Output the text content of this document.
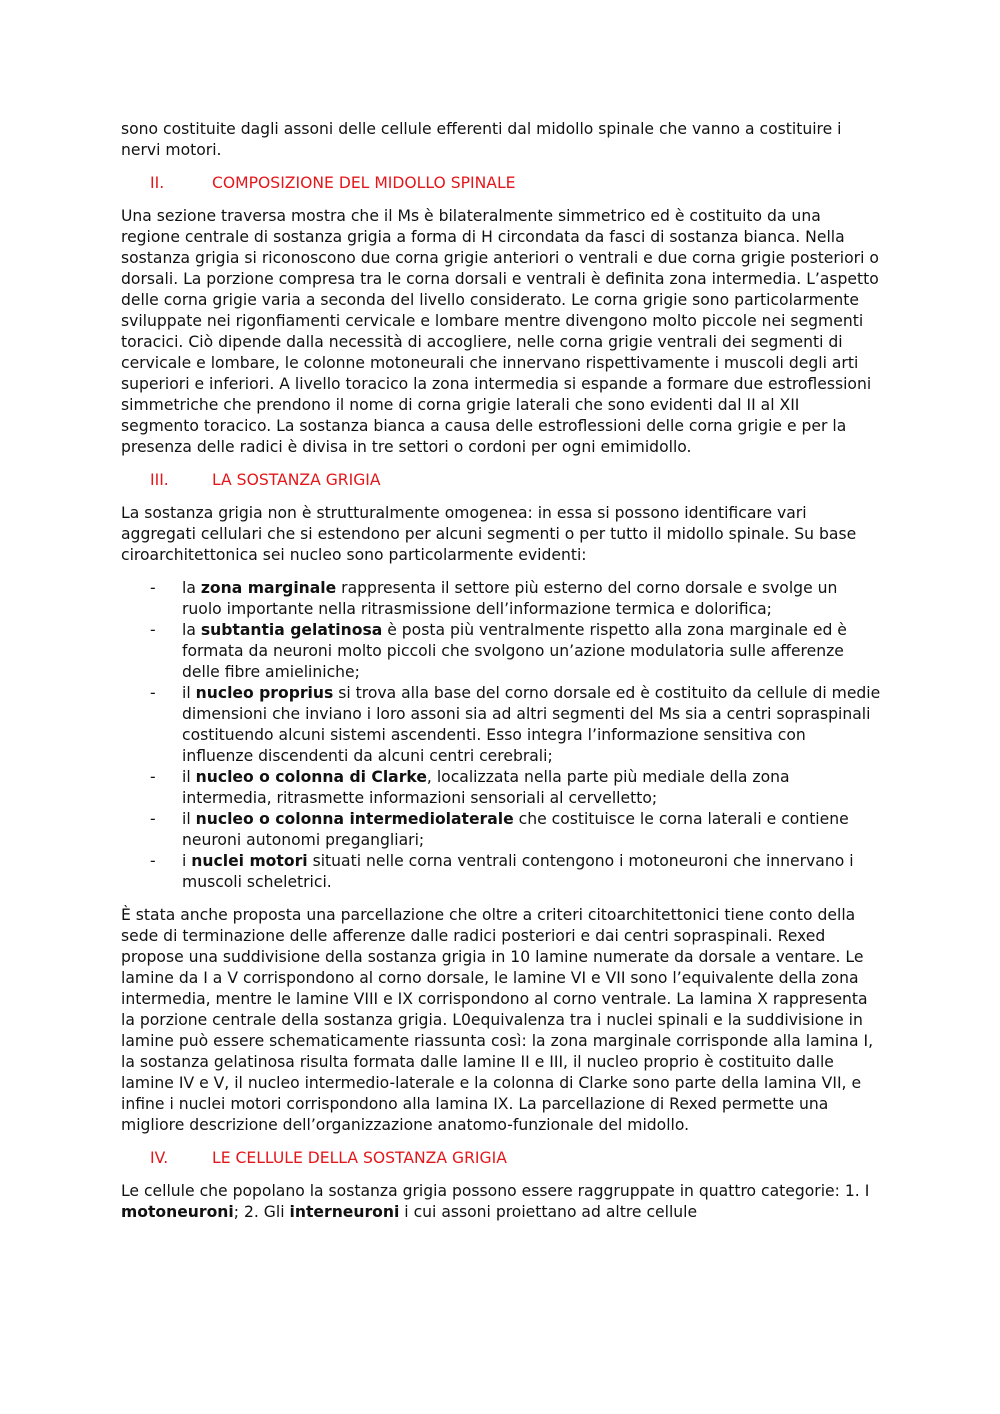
sono costituite dagli assoni delle cellule efferenti dal midollo spinale che vanno a costituire i nervi motori.

II.	COMPOSIZIONE DEL MIDOLLO SPINALE

Una sezione traversa mostra che il Ms è bilateralmente simmetrico ed è costituito da una regione centrale di sostanza grigia a forma di H circondata da fasci di sostanza bianca. Nella sostanza grigia si riconoscono due corna grigie anteriori o ventrali e due corna grigie posteriori o dorsali. La porzione compresa tra le corna dorsali e ventrali è definita zona intermedia. L’aspetto delle corna grigie varia a seconda del livello considerato. Le corna grigie sono particolarmente sviluppate nei rigonfiamenti cervicale e lombare mentre divengono molto piccole nei segmenti toracici. Ciò dipende dalla necessità di accogliere, nelle corna grigie ventrali dei segmenti di cervicale e lombare, le colonne motoneurali che innervano rispettivamente i muscoli degli arti superiori e inferiori. A livello toracico la zona intermedia si espande a formare due estroflessioni simmetriche che prendono il nome di corna grigie laterali che sono evidenti dal II al XII segmento toracico. La sostanza bianca a causa delle estroflessioni delle corna grigie e per la presenza delle radici è divisa in tre settori o cordoni per ogni emimidollo.

III.	LA SOSTANZA GRIGIA

La sostanza grigia non è strutturalmente omogenea: in essa si possono identificare vari aggregati cellulari che si estendono per alcuni segmenti o per tutto il midollo spinale. Su base ciroarchitettonica sei nucleo sono particolarmente evidenti:

-	la zona marginale rappresenta il settore più esterno del corno dorsale e svolge un ruolo importante nella ritrasmissione dell’informazione termica e dolorifica;
-	la subtantia gelatinosa è posta più ventralmente rispetto alla zona marginale ed è formata da neuroni molto piccoli che svolgono un’azione modulatoria sulle afferenze delle fibre amieliniche;
-	il nucleo proprius si trova alla base del corno dorsale ed è costituito da cellule di medie dimensioni che inviano i loro assoni sia ad altri segmenti del Ms sia a centri sopraspinali costituendo alcuni sistemi ascendenti. Esso integra l’informazione sensitiva con influenze discendenti da alcuni centri cerebrali;
-	il nucleo o colonna di Clarke, localizzata nella parte più mediale della zona intermedia, ritrasmette informazioni sensoriali al cervelletto;
-	il nucleo o colonna intermediolaterale che costituisce le corna laterali e contiene neuroni autonomi pregangliari;
-	i nuclei motori situati nelle corna ventrali contengono i motoneuroni che innervano i muscoli scheletrici.

È stata anche proposta una parcellazione che oltre a criteri citoarchitettonici tiene conto della sede di terminazione delle afferenze dalle radici posteriori e dai centri sopraspinali. Rexed propose una suddivisione della sostanza grigia in 10 lamine numerate da dorsale a ventare. Le lamine da I a V corrispondono al corno dorsale, le lamine VI e VII sono l’equivalente della zona intermedia, mentre le lamine VIII e IX corrispondono al corno ventrale. La lamina X rappresenta la porzione centrale della sostanza grigia. L0equivalenza tra i nuclei spinali e la suddivisione in lamine può essere schematicamente riassunta così: la zona marginale corrisponde alla lamina I, la sostanza gelatinosa risulta formata dalle lamine II e III, il nucleo proprio è costituito dalle lamine IV e V, il nucleo intermedio-laterale e la colonna di Clarke sono parte della lamina VII, e infine i nuclei motori corrispondono alla lamina IX. La parcellazione di Rexed permette una migliore descrizione dell’organizzazione anatomo-funzionale del midollo.

IV.	LE CELLULE DELLA SOSTANZA GRIGIA

Le cellule che popolano la sostanza grigia possono essere raggruppate in quattro categorie: 1. I motoneuroni; 2. Gli interneuroni i cui assoni proiettano ad altre cellule
